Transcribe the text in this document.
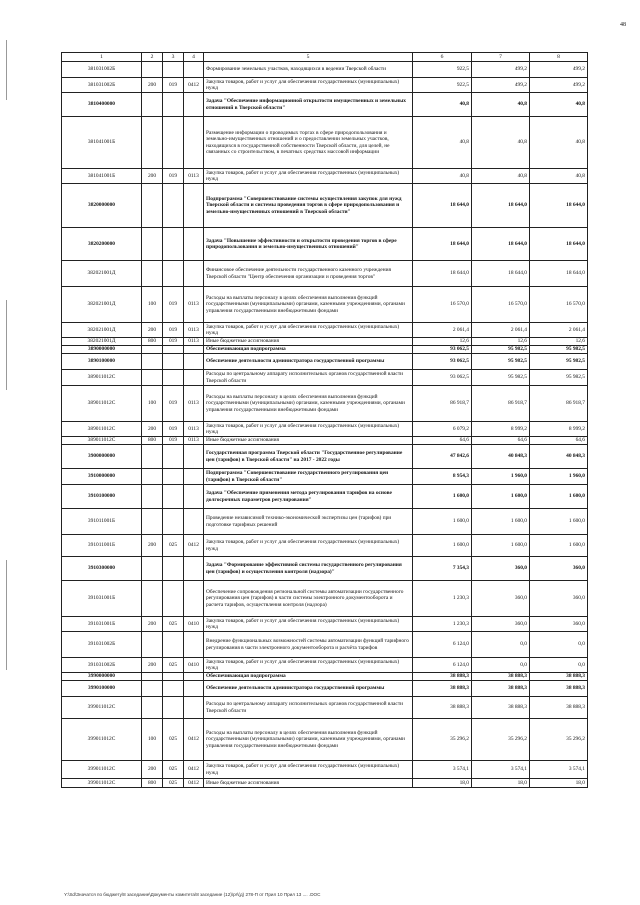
48
1	2	3	4	5	6	7	8
381031002Б				Формирование земельных участков, находящихся в ведении Тверской области	922,5	499,2	499,2
381031002Б	200	019	0412	Закупка товаров, работ и услуг для обеспечения государственных (муниципальных) нужд	922,5	499,2	499,2
3810400000				Задача "Обеспечение информационной открытости имущественных и земельных отношений в Тверской области"	40,8	40,8	40,8
381041001Б				Размещение информации о проводимых торгах в сфере природопользования и земельно-имущественных отношений и о предоставлении земельных участков, находящихся в государственной собственности Тверской области, для целей, не связанных со строительством, в печатных средствах массовой информации	40,8	40,8	40,8
381041001Б	200	019	0113	Закупка товаров, работ и услуг для обеспечения государственных (муниципальных) нужд	40,8	40,8	40,8
3820000000				Подпрограмма "Совершенствование системы осуществления закупок для нужд Тверской области и системы проведения торгов в сфере природопользования и земельно-имущественных отношений в Тверской области"	18 644,0	18 644,0	18 644,0
3820200000				Задача "Повышение эффективности и открытости проведения торгов в сфере природопользования и земельно-имущественных отношений"	18 644,0	18 644,0	18 644,0
382021001Д				Финансовое обеспечение деятельности государственного казенного учреждения Тверской области "Центр обеспечения организации и проведения торгов"	18 644,0	18 644,0	18 644,0
382021001Д	100	019	0113	Расходы на выплаты персоналу в целях обеспечения выполнения функций государственными (муниципальными) органами, казенными учреждениями, органами управления государственными внебюджетными фондами	16 570,0	16 570,0	16 570,0
382021001Д	200	019	0113	Закупка товаров, работ и услуг для обеспечения государственных (муниципальных) нужд	2 061,4	2 061,4	2 061,4
382021001Д	800	019	0113	Иные бюджетные ассигнования	12,6	12,6	12,6
3890000000				Обеспечивающая подпрограмма	93 062,5	95 982,5	95 982,5
3890100000				Обеспечение деятельности администратора государственной программы	93 062,5	95 982,5	95 982,5
389011012С				Расходы по центральному аппарату исполнительных органов государственной власти Тверской области	93 062,5	95 982,5	95 982,5
389011012С	100	019	0113	Расходы на выплаты персоналу в целях обеспечения выполнения функций государственными (муниципальными) органами, казенными учреждениями, органами управления государственными внебюджетными фондами	86 918,7	86 918,7	86 918,7
389011012С	200	019	0113	Закупка товаров, работ и услуг для обеспечения государственных (муниципальных) нужд	6 079,2	8 999,2	8 999,2
389011012С	800	019	0113	Иные бюджетные ассигнования	64,6	64,6	64,6
3900000000				Государственная программа Тверской области "Государственное регулирование цен (тарифов) в Тверской области" на 2017 - 2022 годы	47 842,6	40 848,3	40 848,3
3910000000				Подпрограмма "Совершенствование государственного регулирования цен (тарифов) в Тверской области"	8 954,3	1 960,0	1 960,0
3910100000				Задача "Обеспечение применения метода регулирования тарифов на основе долгосрочных параметров регулирования"	1 600,0	1 600,0	1 600,0
391011001Б				Проведение независимой технико-экономической экспертизы цен (тарифов) при подготовке тарифных решений	1 600,0	1 600,0	1 600,0
391011001Б	200	025	0412	Закупка товаров, работ и услуг для обеспечения государственных (муниципальных) нужд	1 600,0	1 600,0	1 600,0
3910300000				Задача "Формирование эффективной системы государственного регулирования цен (тарифов) и осуществления контроля (надзора)"	7 354,3	360,0	360,0
391031001Б				Обеспечение сопровождения региональной системы автоматизации государственного регулирования цен (тарифов) в части системы электронного документооборота и расчета тарифов, осуществления контроля (надзора)	1 230,3	360,0	360,0
391031001Б	200	025	0410	Закупка товаров, работ и услуг для обеспечения государственных (муниципальных) нужд	1 230,3	360,0	360,0
391031002Б				Внедрение функциональных возможностей системы автоматизации функций тарифного регулирования в части электронного документооборота и расчёта тарифов	6 124,0	0,0	0,0
391031002Б	200	025	0410	Закупка товаров, работ и услуг для обеспечения государственных (муниципальных) нужд	6 124,0	0,0	0,0
3990000000				Обеспечивающая подпрограмма	38 888,3	38 888,3	38 888,3
3990100000				Обеспечение деятельности администратора государственной программы	38 888,3	38 888,3	38 888,3
399011012С				Расходы по центральному аппарату исполнительных органов государственной власти Тверской области	38 888,3	38 888,3	38 888,3
399011012С	100	025	0412	Расходы на выплаты персоналу в целях обеспечения выполнения функций государственными (муниципальными) органами, казенными учреждениями, органами управления государственными внебюджетными фондами	35 296,2	35 296,2	35 296,2
399011012С	200	025	0412	Закупка товаров, работ и услуг для обеспечения государственных (муниципальных) нужд	3 574,1	3 574,1	3 574,1
399011012С	800	025	0412	Иные бюджетные ассигнования	18,0	18,0	18,0
Y:\Sd\Значатся по бюджету\8 заседание\Документы комитета\8 заседание (12)\pr\(д) 278-П от Прил 10 Прил 13 .... .DOC
